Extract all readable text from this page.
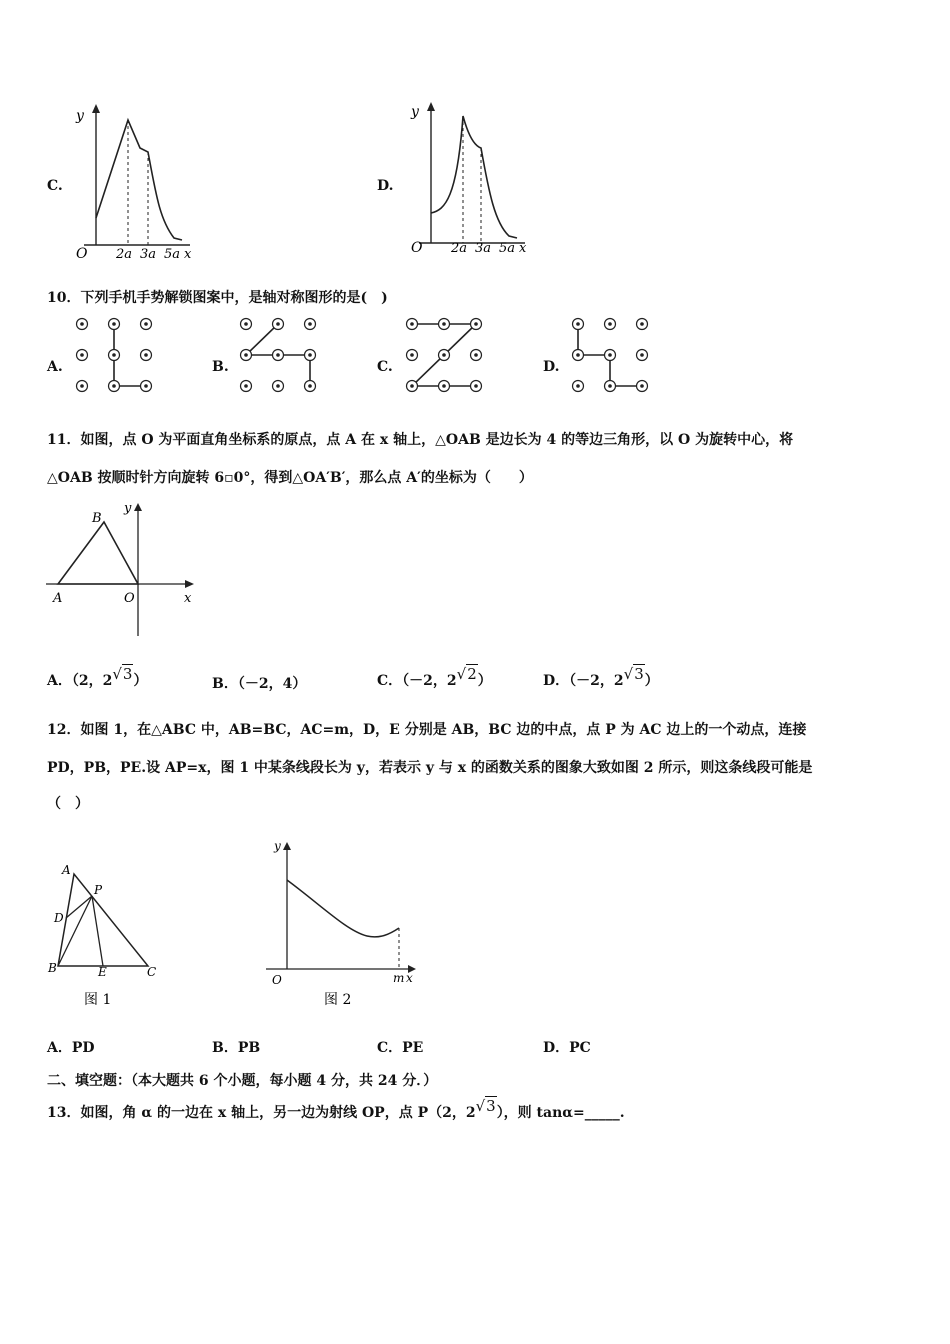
C.
y
O 2a 3a 5a x
D.
y
O 2a 3a 5a x
10．下列手机手势解锁图案中，是轴对称图形的是(　)
A.	B.	C.	D.
11．如图，点 O 为平面直角坐标系的原点，点 A 在 x 轴上，△OAB 是边长为 4 的等边三角形，以 O 为旋转中心，将
△OAB 按顺时针方向旋转 6▫0°，得到△OA′B′，那么点 A′的坐标为（　　）
B
y
A	O	x
A．（2，2√3）	B．（－2，4）	C．（－2，2√2）	D．（－2，2√3）
12．如图 1，在△ABC 中，AB=BC，AC=m，D，E 分别是 AB，BC 边的中点，点 P 为 AC 边上的一个动点，连接
PD，PB，PE.设 AP=x，图 1 中某条线段长为 y，若表示 y 与 x 的函数关系的图象大致如图 2 所示，则这条线段可能是
（　）
A
P
D
B	E	C
图 1
y
O	m x
图 2
A．PD	B．PB	C．PE	D．PC
二、填空题：（本大题共 6 个小题，每小题 4 分，共 24 分．）
13．如图，角 α 的一边在 x 轴上，另一边为射线 OP，点 P（2，2√3），则 tanα=_____.
